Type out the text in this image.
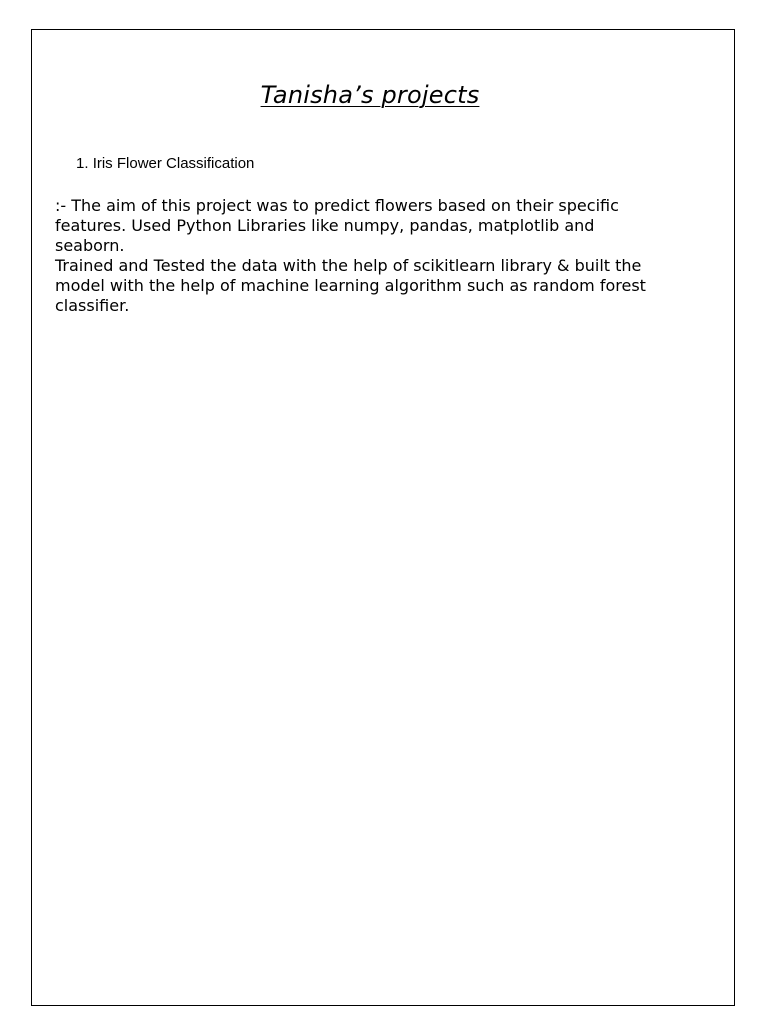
Tanisha’s projects
1. Iris Flower Classification

:- The aim of this project was to predict flowers based on their specific

features. Used Python Libraries like numpy, pandas, matplotlib and

seaborn.

Trained and Tested the data with the help of scikitlearn library & built the

model with the help of machine learning algorithm such as random forest

classifier.
